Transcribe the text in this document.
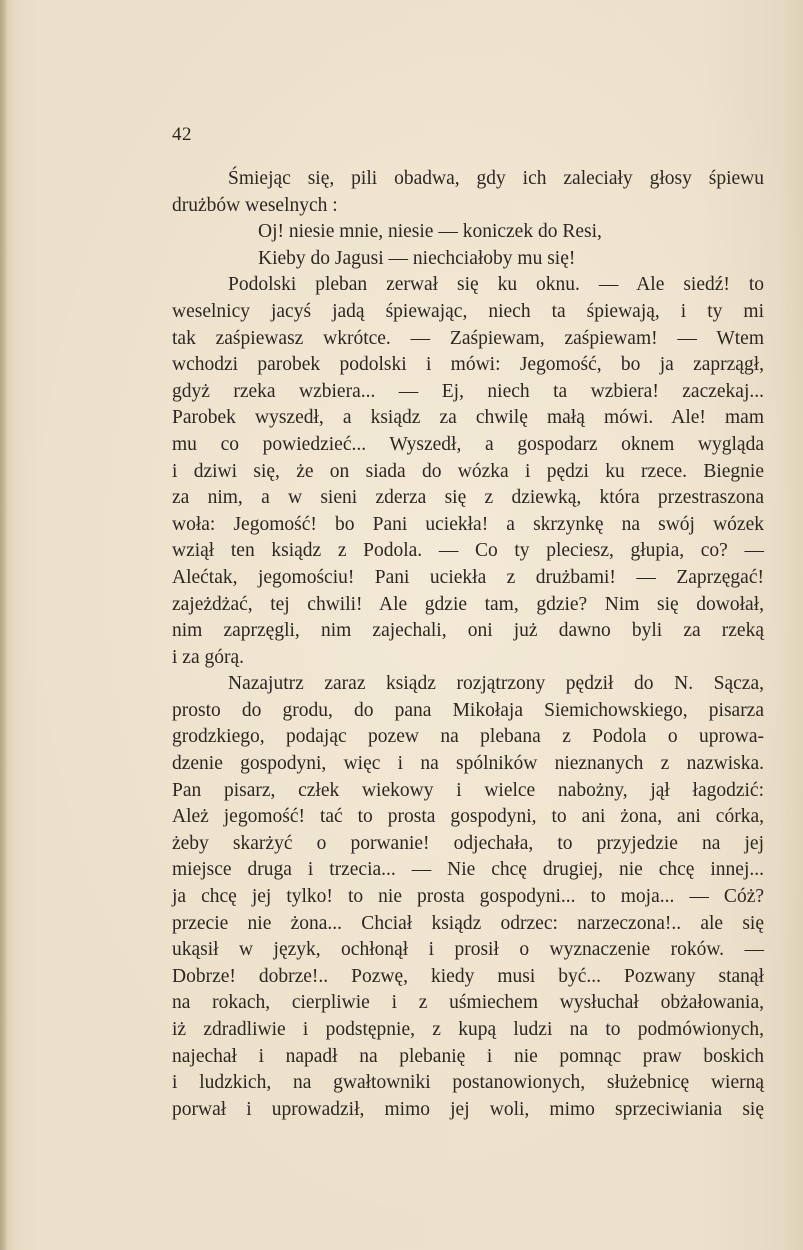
42

Śmiejąc się, pili obadwa, gdy ich zaleciały głosy śpiewu

drużbów weselnych :

Oj! niesie mnie, niesie — koniczek do Resi,

Kieby do Jagusi — niechciałoby mu się!

Podolski pleban zerwał się ku oknu. — Ale siedź! to

weselnicy jacyś jadą śpiewając, niech ta śpiewają, i ty mi

tak zaśpiewasz wkrótce. — Zaśpiewam, zaśpiewam! — Wtem

wchodzi parobek podolski i mówi: Jegomość, bo ja zaprzągł,

gdyż rzeka wzbiera... — Ej, niech ta wzbiera! zaczekaj...

Parobek wyszedł, a ksiądz za chwilę małą mówi. Ale! mam

mu co powiedzieć... Wyszedł, a gospodarz oknem wygląda

i dziwi się, że on siada do wózka i pędzi ku rzece. Biegnie

za nim, a w sieni zderza się z dziewką, która przestraszona

woła: Jegomość! bo Pani uciekła! a skrzynkę na swój wózek

wziął ten ksiądz z Podola. — Co ty pleciesz, głupia, co? —

Alećtak, jegomościu! Pani uciekła z drużbami! — Zaprzęgać!

zajeżdżać, tej chwili! Ale gdzie tam, gdzie? Nim się dowołał,

nim zaprzęgli, nim zajechali, oni już dawno byli za rzeką

i za górą.

Nazajutrz zaraz ksiądz rozjątrzony pędził do N. Sącza,

prosto do grodu, do pana Mikołaja Siemichowskiego, pisarza

grodzkiego, podając pozew na plebana z Podola o uprowa-

dzenie gospodyni, więc i na spólników nieznanych z nazwiska.

Pan pisarz, człek wiekowy i wielce nabożny, jął łagodzić:

Ależ jegomość! tać to prosta gospodyni, to ani żona, ani córka,

żeby skarżyć o porwanie! odjechała, to przyjedzie na jej

miejsce druga i trzecia... — Nie chcę drugiej, nie chcę innej...

ja chcę jej tylko! to nie prosta gospodyni... to moja... — Cóż?

przecie nie żona... Chciał ksiądz odrzec: narzeczona!.. ale się

ukąsił w język, ochłonął i prosił o wyznaczenie roków. —

Dobrze! dobrze!.. Pozwę, kiedy musi być... Pozwany stanął

na rokach, cierpliwie i z uśmiechem wysłuchał obżałowania,

iż zdradliwie i podstępnie, z kupą ludzi na to podmówionych,

najechał i napadł na plebanię i nie pomnąc praw boskich

i ludzkich, na gwałtowniki postanowionych, służebnicę wierną

porwał i uprowadził, mimo jej woli, mimo sprzeciwiania się
